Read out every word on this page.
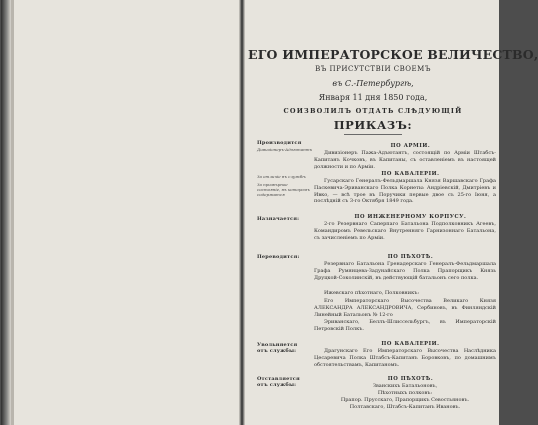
ЕГО ИМПЕРАТОРСКОЕ ВЕЛИЧЕСТВО,
ВЪ ПРИСУТСТВІИ СВОЕМЪ
въ С.-Петербургѣ,
Января 11 дня 1850 года,
СОИЗВОЛИЛЪ ОТДАТЬ СЛѢДУЮЩІЙ
ПРИКАЗЪ:
Производится
Дивизіонеръ-Адъютантъ
ПО АРМІИ.

Дивизіонеръ Пажа-Адъютантъ, состоящій по Арміи Штабсъ-Капитанъ Кочковъ, въ Капитаны, съ оставленіемъ въ настоящей должности и по Арміи.

За отличіе въ службѣ
За примѣрное состояніе, въ которомъ содержатся
ПО КАВАЛЕРІИ.

Гусарскаго Генералъ-Фельдмаршала Князя Варшавскаго Графа Паскевича-Эриванскаго Полка Корнеты: Андріевскій, Дмитріевъ и Ивко, — всѣ трое въ Поручики первые двое съ 25-го Іюня, а послѣдній съ 3-го Октября 1849 года.

Назначается:	ПО ИНЖЕНЕРНОМУ КОРПУСУ.

2-го Резервнаго Саперпаго Батальона Подполковникъ Агеевъ, Командиромъ Ревельскаго Внутренняго Гарнизоннаго Батальона, съ зачисленіемъ по Арміи.

Переводится:	ПО ПѢХОТѢ.

Резервнаго Батальона Гренадерскаго Генералъ-Фельдмаршала Графа Румянцева-Задунайскаго Полка Прапорщикъ Князь Друцкой-Соколинскій, въ действующій батальонъ сего полка.

Ижевскаго пѣхотнаго, Полковникъ:

Его Императорскаго Высочества Великаго Князя АЛЕКСАНДРА АЛЕКСАНДРОВИЧА, Сербиновъ, въ Финляндскій Линейный Батальонъ № 12-го

Эриванскаго, Беллъ-Шлиссельбургъ, въ Императорскій Петровскій Полкъ.

Увольняется
отъ службы:
ПО КАВАЛЕРІИ.

Драгунскаго Его Императорскаго Высочества Наслѣдника Цесаревича Полка Штабсъ-Капитанъ Боровковъ, по домашнимъ обстоятельствамъ, Капитаномъ.

Отставляется
отъ службы:
ПО ПѢХОТѢ.
Званскихъ Батальоновъ,
Пѣхотныхъ полковъ:
Прапор. Прусскаго, Прапорщикъ Севостьяновъ.
Полтавскаго, Штабсъ-Капитанъ Ивановъ.
